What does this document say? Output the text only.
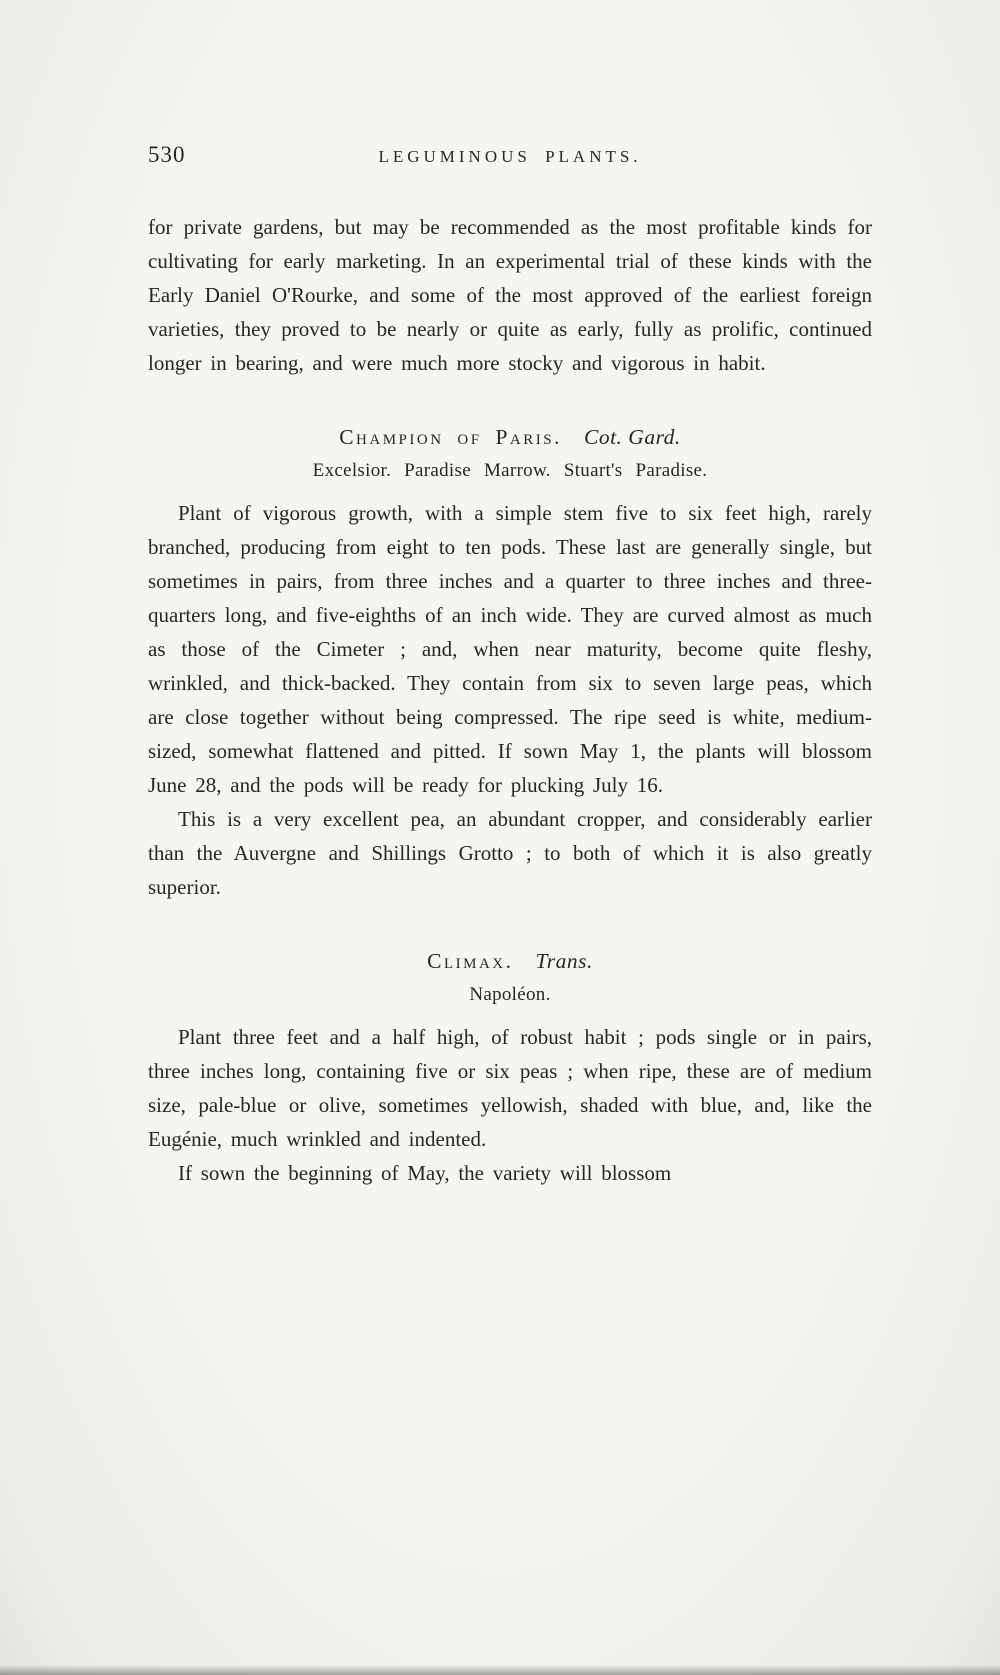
530	LEGUMINOUS PLANTS.

for private gardens, but may be recommended as the most profitable kinds for cultivating for early marketing. In an experimental trial of these kinds with the Early Daniel O'Rourke, and some of the most approved of the earliest foreign varieties, they proved to be nearly or quite as early, fully as prolific, continued longer in bearing, and were much more stocky and vigorous in habit.

Champion of Paris. Cot. Gard.
Excelsior. Paradise Marrow. Stuart's Paradise.

Plant of vigorous growth, with a simple stem five to six feet high, rarely branched, producing from eight to ten pods. These last are generally single, but sometimes in pairs, from three inches and a quarter to three inches and three-quarters long, and five-eighths of an inch wide. They are curved almost as much as those of the Cimeter ; and, when near maturity, become quite fleshy, wrinkled, and thick-backed. They contain from six to seven large peas, which are close together without being compressed. The ripe seed is white, medium-sized, somewhat flattened and pitted. If sown May 1, the plants will blossom June 28, and the pods will be ready for plucking July 16.

This is a very excellent pea, an abundant cropper, and considerably earlier than the Auvergne and Shillings Grotto ; to both of which it is also greatly superior.

Climax. Trans.
Napoléon.

Plant three feet and a half high, of robust habit ; pods single or in pairs, three inches long, containing five or six peas ; when ripe, these are of medium size, pale-blue or olive, sometimes yellowish, shaded with blue, and, like the Eugénie, much wrinkled and indented.

If sown the beginning of May, the variety will blossom
